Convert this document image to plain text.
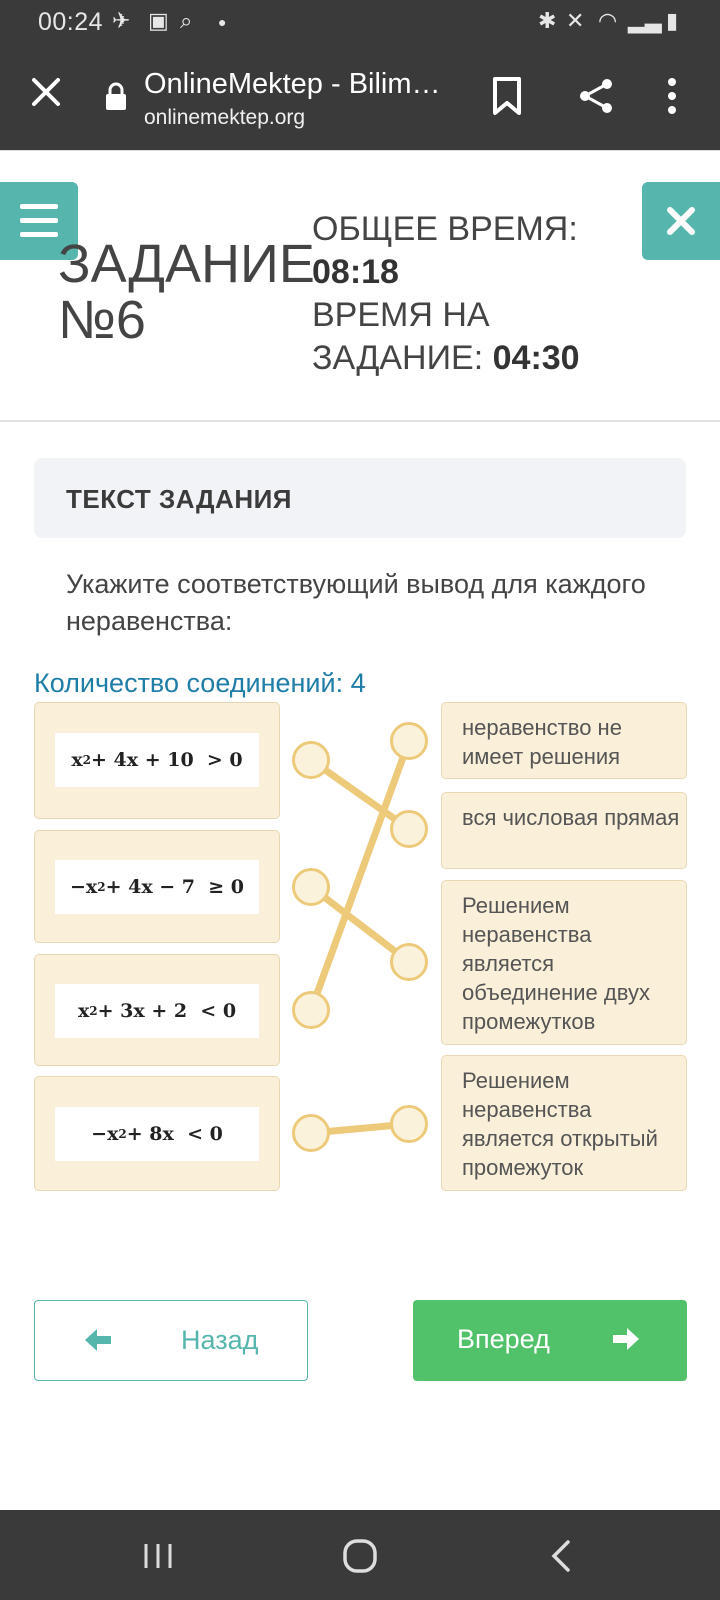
00:24 ✈ ▣ ⌕ ●	✱ ✕ ◠ ▂▃ ▮
OnlineMektep - Bilim…
onlinemektep.org
ЗАДАНИЕ
№6
ОБЩЕЕ ВРЕМЯ:
08:18
ВРЕМЯ НА
ЗАДАНИЕ: 04:30
ТЕКСТ ЗАДАНИЯ
Укажите соответствующий вывод для каждого неравенства:
Количество соединений: 4
x 2 + 4x + 10  > 0
−x 2 + 4x − 7  ≥ 0
x 2 + 3x + 2  < 0
−x 2 + 8x  < 0
неравенство не имеет решения
вся числовая прямая
Решением неравенства является объединение двух промежутков
Решением неравенства является открытый промежуток
Назад	Вперед
